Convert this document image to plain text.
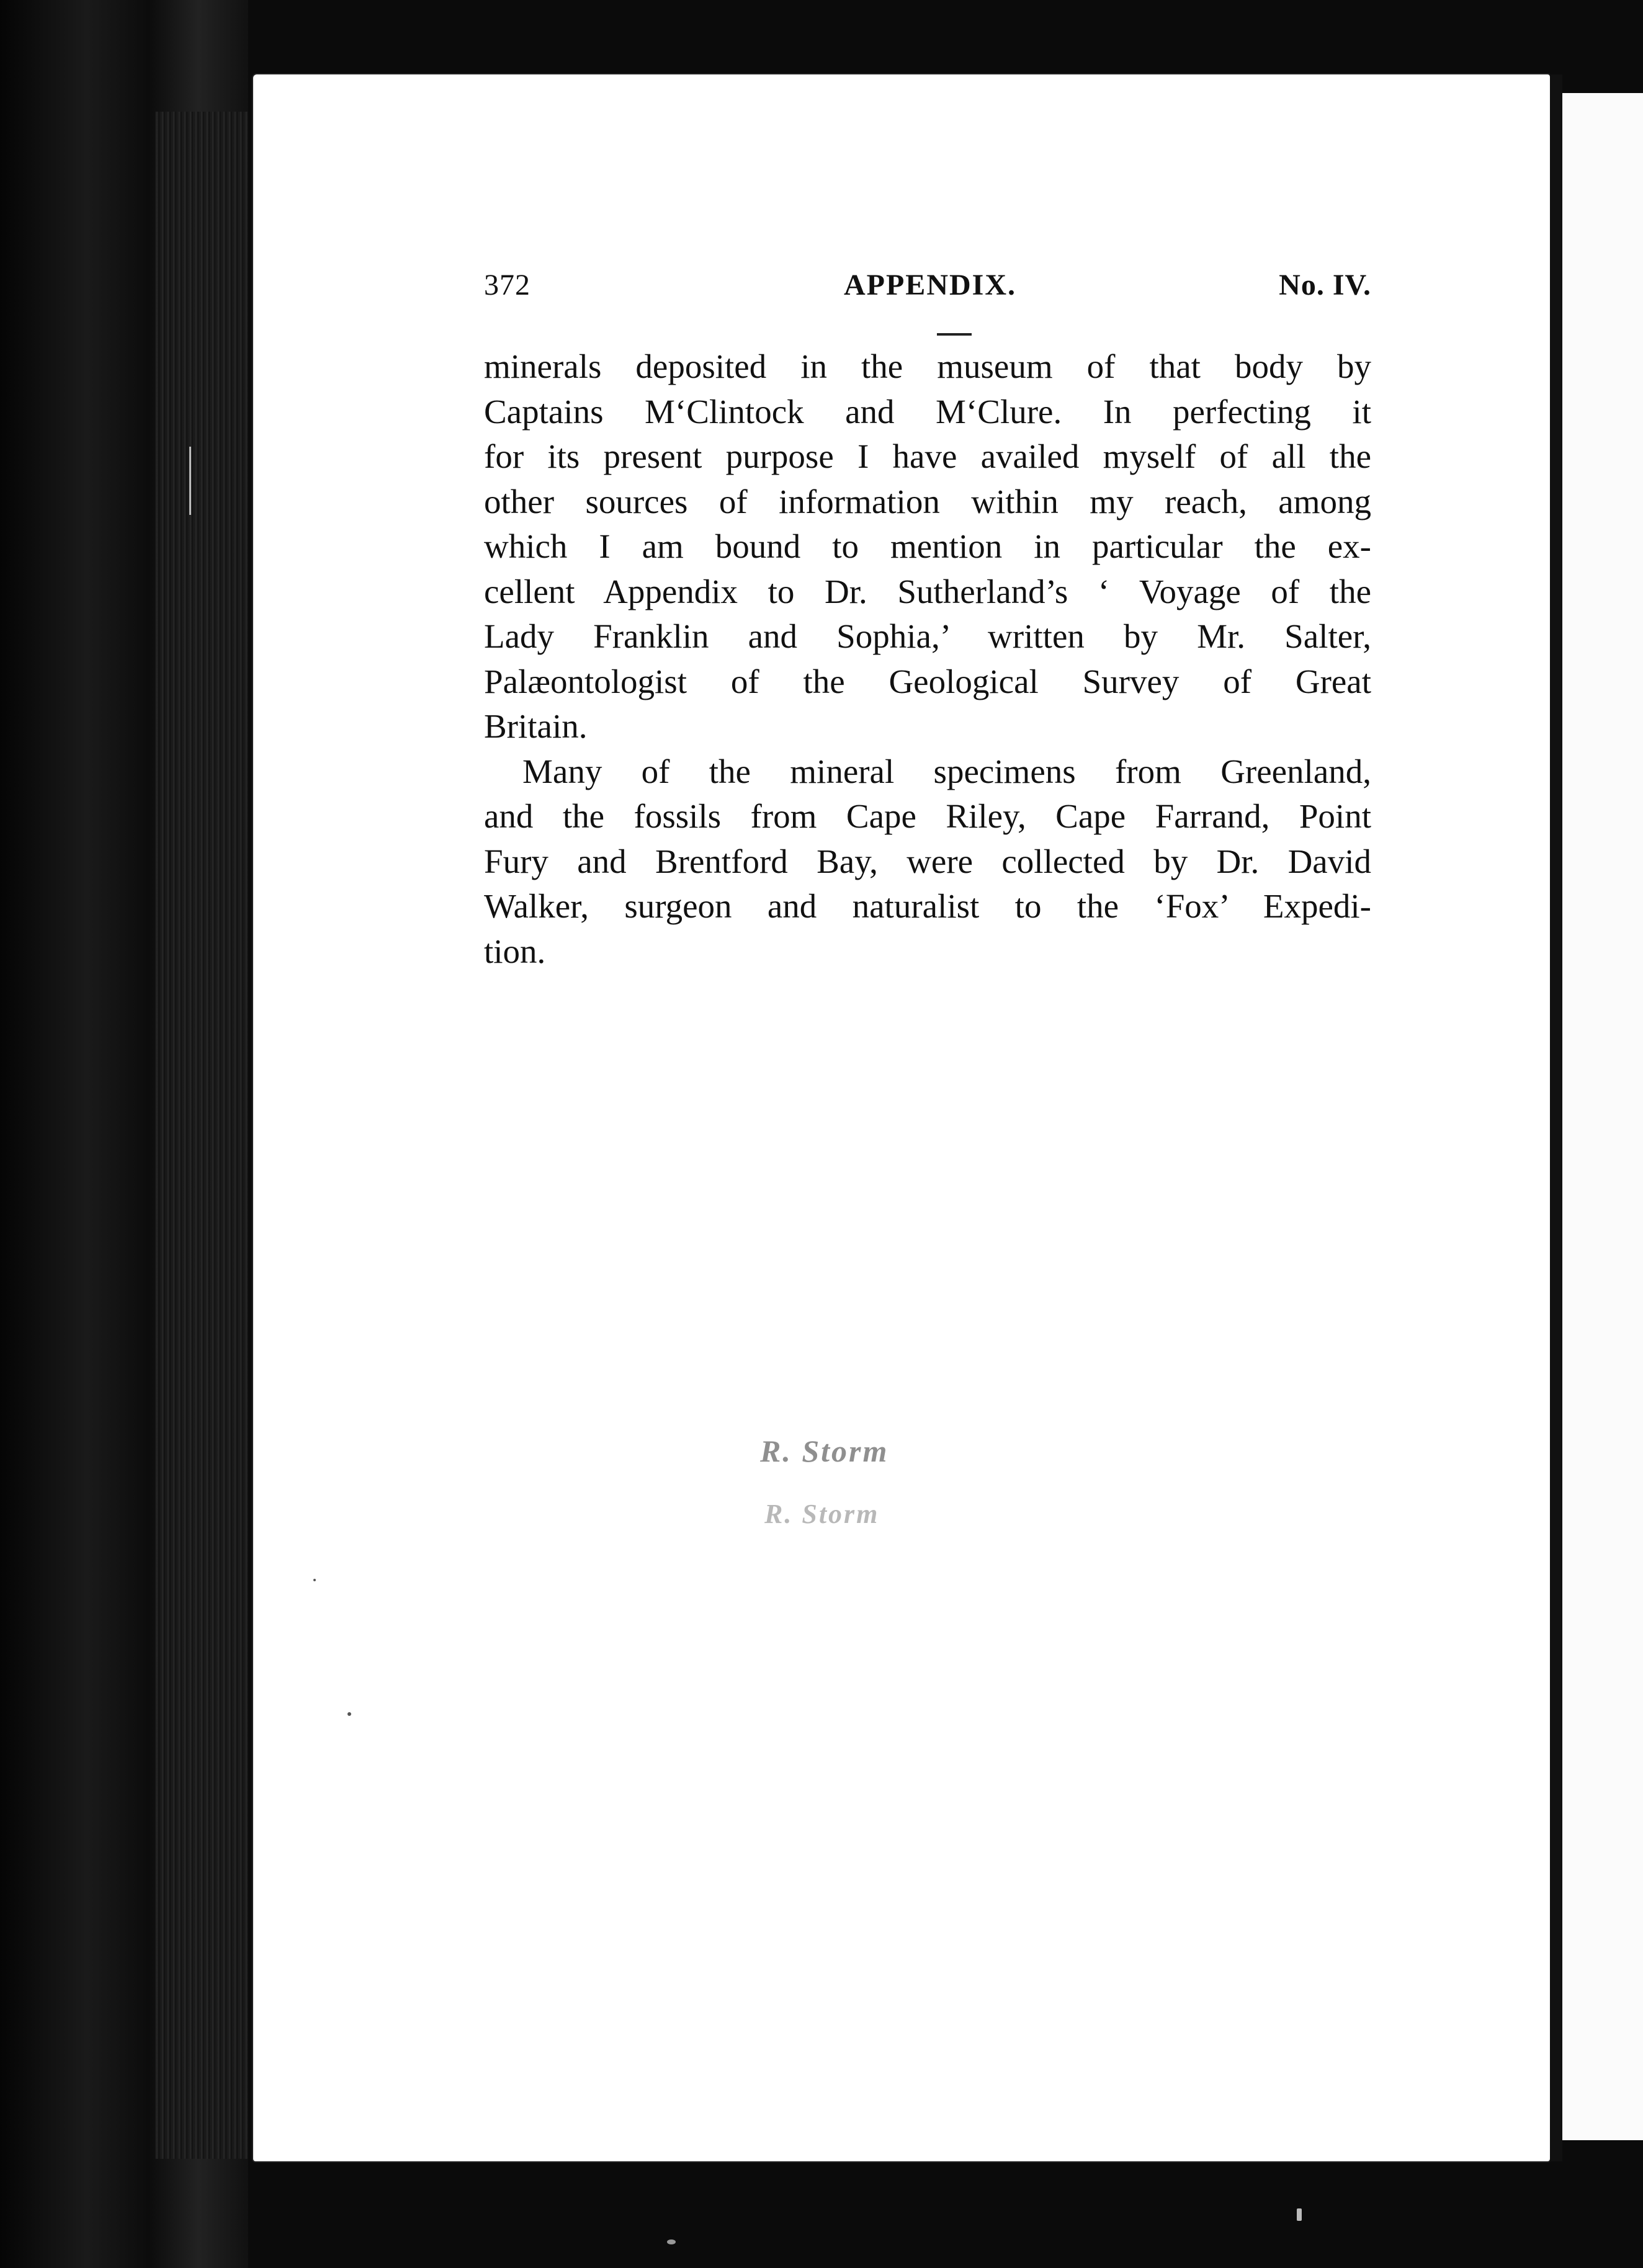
372	APPENDIX.	No. IV.
minerals deposited in the museum of that body by
Captains M‘Clintock and M‘Clure. In perfecting it
for its present purpose I have availed myself of all the
other sources of information within my reach, among
which I am bound to mention in particular the ex-
cellent Appendix to Dr. Sutherland’s ‘ Voyage of the
Lady Franklin and Sophia,’ written by Mr. Salter,
Palæontologist of the Geological Survey of Great
Britain.
Many of the mineral specimens from Greenland,
and the fossils from Cape Riley, Cape Farrand, Point
Fury and Brentford Bay, were collected by Dr. David
Walker, surgeon and naturalist to the ‘Fox’ Expedi-
tion.
R. Storm
R. Storm
